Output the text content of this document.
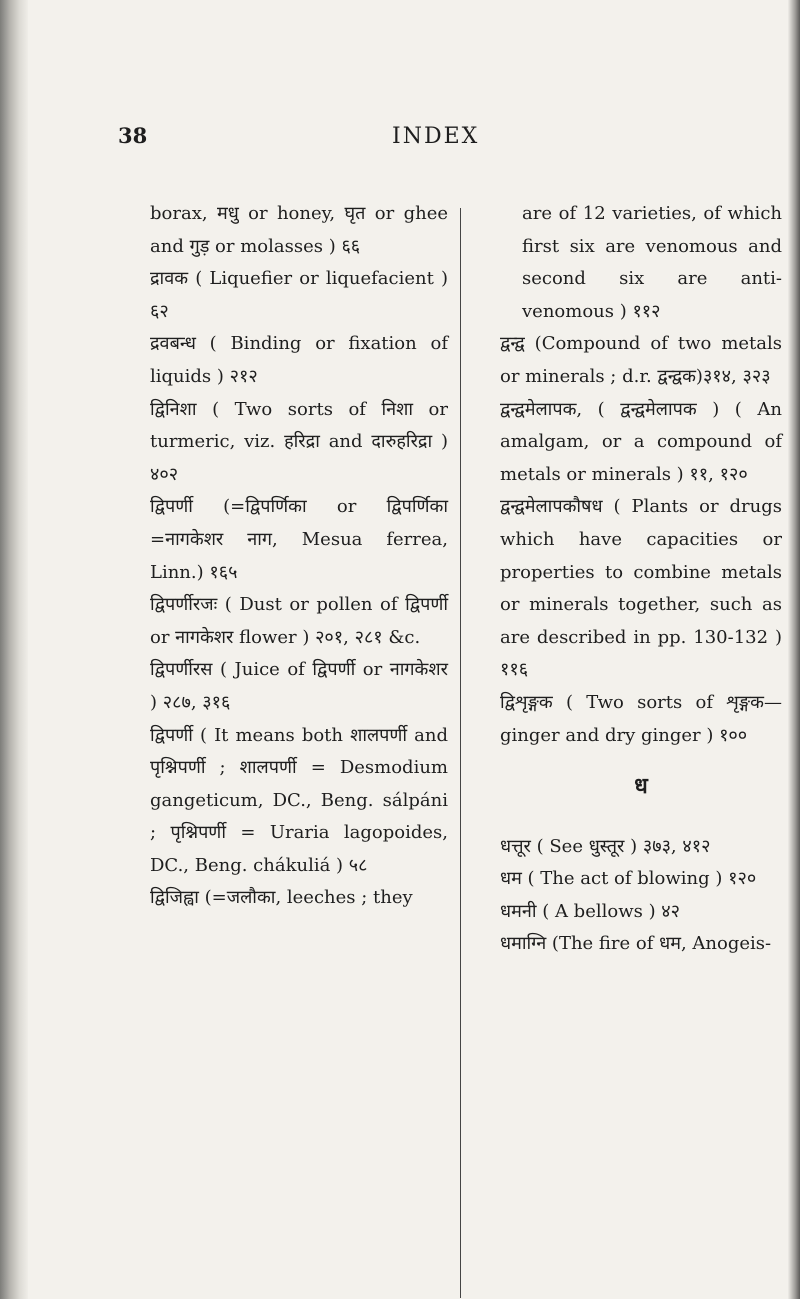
38	INDEX
borax, मधु or honey, घृत or ghee and गुड़ or molasses ) ६६
द्रावक ( Liquefier or liquefacient ) ६२
द्रवबन्ध ( Binding or fixation of liquids ) २१२
द्विनिशा ( Two sorts of निशा or turmeric, viz. हरिद्रा and दारुहरिद्रा ) ४०२
द्विपर्णी (=द्विपर्णिका or द्विपर्णिका =नागकेशर नाग, Mesua ferrea, Linn.) १६५
द्विपर्णीरजः ( Dust or pollen of द्विपर्णी or नागकेशर flower ) २०१, २८१ &c.
द्विपर्णीरस ( Juice of द्विपर्णी or नागकेशर ) २८७, ३१६
द्विपर्णी ( It means both शालपर्णी and पृश्निपर्णी ; शालपर्णी = Desmodium gangeticum, DC., Beng. sálpáni ; पृश्निपर्णी = Uraria lagopoides, DC., Beng. chákuliá ) ५८
द्विजिह्वा (=जलौका, leeches ; they
are of 12 varieties, of which first six are venomous and second six are anti-venomous ) ११२
द्वन्द्व (Compound of two metals or minerals ; d.r. द्वन्द्वक)३१४, ३२३
द्वन्द्वमेलापक, ( द्वन्द्वमेलापक ) ( An amalgam, or a compound of metals or minerals ) ११, १२०
द्वन्द्वमेलापकौषध ( Plants or drugs which have capacities or properties to combine metals or minerals together, such as are described in pp. 130-132 ) ११६
द्विशृङ्गक ( Two sorts of शृङ्गक— ginger and dry ginger ) १००
ध
धत्तूर ( See धुस्तूर ) ३७३, ४१२
धम ( The act of blowing ) १२०
धमनी ( A bellows ) ४२
धमाग्नि (The fire of धम, Anogeis-
